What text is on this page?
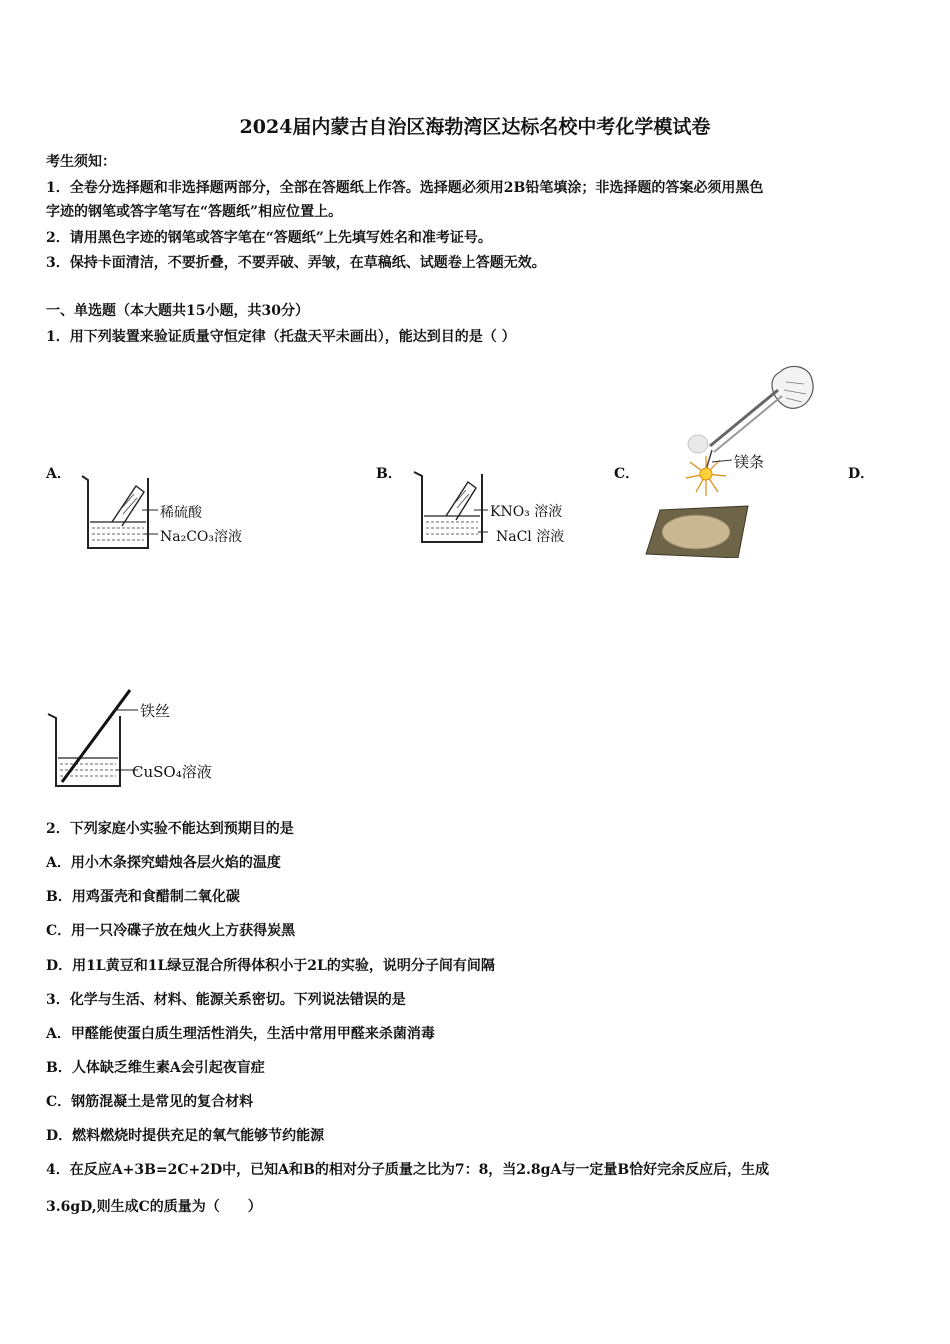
2024届内蒙古自治区海勃湾区达标名校中考化学模试卷
考生须知：
1．全卷分选择题和非选择题两部分，全部在答题纸上作答。选择题必须用2B铅笔填涂；非选择题的答案必须用黑色
字迹的钢笔或答字笔写在“答题纸”相应位置上。
2．请用黑色字迹的钢笔或答字笔在“答题纸”上先填写姓名和准考证号。
3．保持卡面清洁，不要折叠，不要弄破、弄皱，在草稿纸、试题卷上答题无效。
一、单选题（本大题共15小题，共30分）
1．用下列装置来验证质量守恒定律（托盘天平未画出），能达到目的是（ ）
A．
稀硫酸
Na₂CO₃溶液
B．
KNO₃ 溶液
NaCl 溶液
C．
镁条
D．
铁丝
CuSO₄溶液
2．下列家庭小实验不能达到预期目的是
A．用小木条探究蜡烛各层火焰的温度
B．用鸡蛋壳和食醋制二氧化碳
C．用一只冷碟子放在烛火上方获得炭黑
D．用1L黄豆和1L绿豆混合所得体积小于2L的实验，说明分子间有间隔
3．化学与生活、材料、能源关系密切。下列说法错误的是
A．甲醛能使蛋白质生理活性消失，生活中常用甲醛来杀菌消毒
B．人体缺乏维生素A会引起夜盲症
C．钢筋混凝土是常见的复合材料
D．燃料燃烧时提供充足的氧气能够节约能源
4．在反应A+3B=2C+2D中，已知A和B的相对分子质量之比为7：8，当2.8gA与一定量B恰好完余反应后，生成
3.6gD,则生成C的质量为（　　）
